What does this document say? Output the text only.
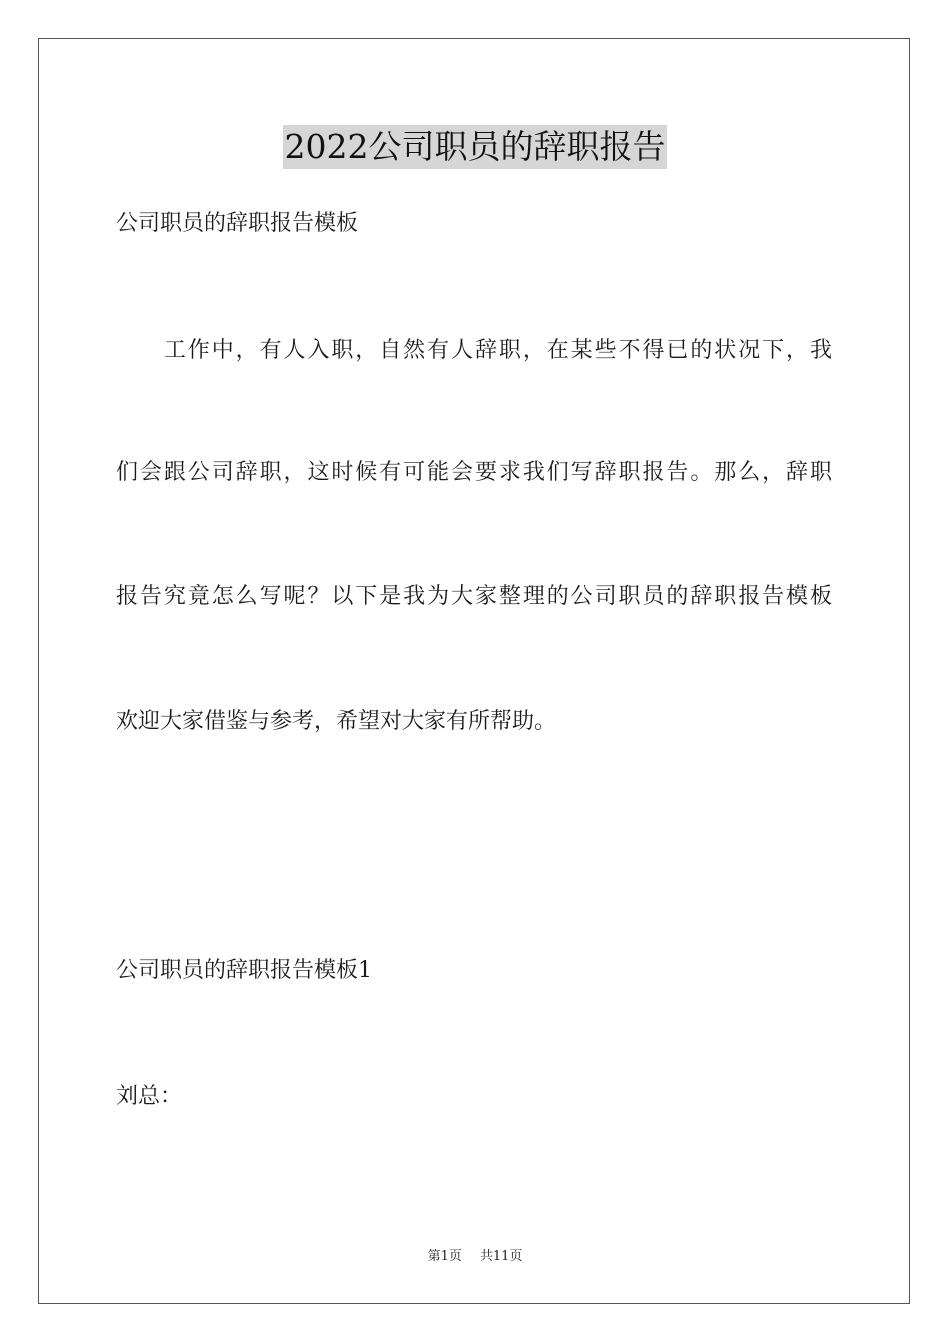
2022公司职员的辞职报告
公司职员的辞职报告模板
　　工作中，有人入职，自然有人辞职，在某些不得已的状况下，我
们会跟公司辞职，这时候有可能会要求我们写辞职报告。那么，辞职
报告究竟怎么写呢？以下是我为大家整理的公司职员的辞职报告模板
欢迎大家借鉴与参考，希望对大家有所帮助。
公司职员的辞职报告模板1
刘总：
第1页 共11页
